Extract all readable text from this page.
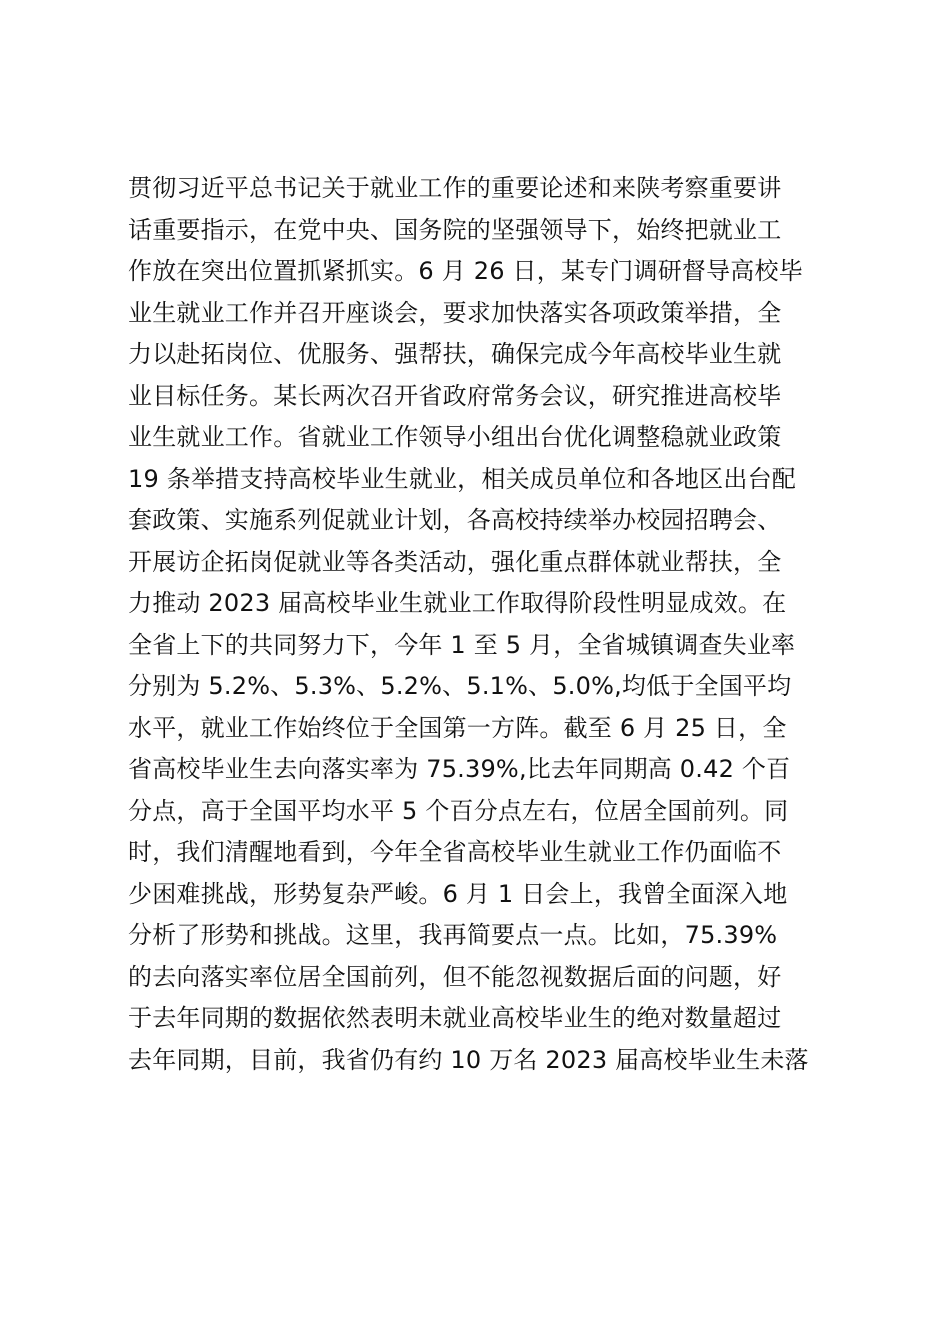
贯彻习近平总书记关于就业工作的重要论述和来陕考察重要讲
话重要指示，在党中央、国务院的坚强领导下，始终把就业工
作放在突出位置抓紧抓实。6 月 26 日，某专门调研督导高校毕
业生就业工作并召开座谈会，要求加快落实各项政策举措，全
力以赴拓岗位、优服务、强帮扶，确保完成今年高校毕业生就
业目标任务。某长两次召开省政府常务会议，研究推进高校毕
业生就业工作。省就业工作领导小组出台优化调整稳就业政策
19 条举措支持高校毕业生就业，相关成员单位和各地区出台配
套政策、实施系列促就业计划，各高校持续举办校园招聘会、
开展访企拓岗促就业等各类活动，强化重点群体就业帮扶，全
力推动 2023 届高校毕业生就业工作取得阶段性明显成效。在
全省上下的共同努力下，今年 1 至 5 月，全省城镇调查失业率
分别为 5.2%、5.3%、5.2%、5.1%、5.0%,均低于全国平均
水平，就业工作始终位于全国第一方阵。截至 6 月 25 日，全
省高校毕业生去向落实率为 75.39%,比去年同期高 0.42 个百
分点，高于全国平均水平 5 个百分点左右，位居全国前列。同
时，我们清醒地看到，今年全省高校毕业生就业工作仍面临不
少困难挑战，形势复杂严峻。6 月 1 日会上，我曾全面深入地
分析了形势和挑战。这里，我再简要点一点。比如，75.39%
的去向落实率位居全国前列，但不能忽视数据后面的问题，好
于去年同期的数据依然表明未就业高校毕业生的绝对数量超过
去年同期，目前，我省仍有约 10 万名 2023 届高校毕业生未落
